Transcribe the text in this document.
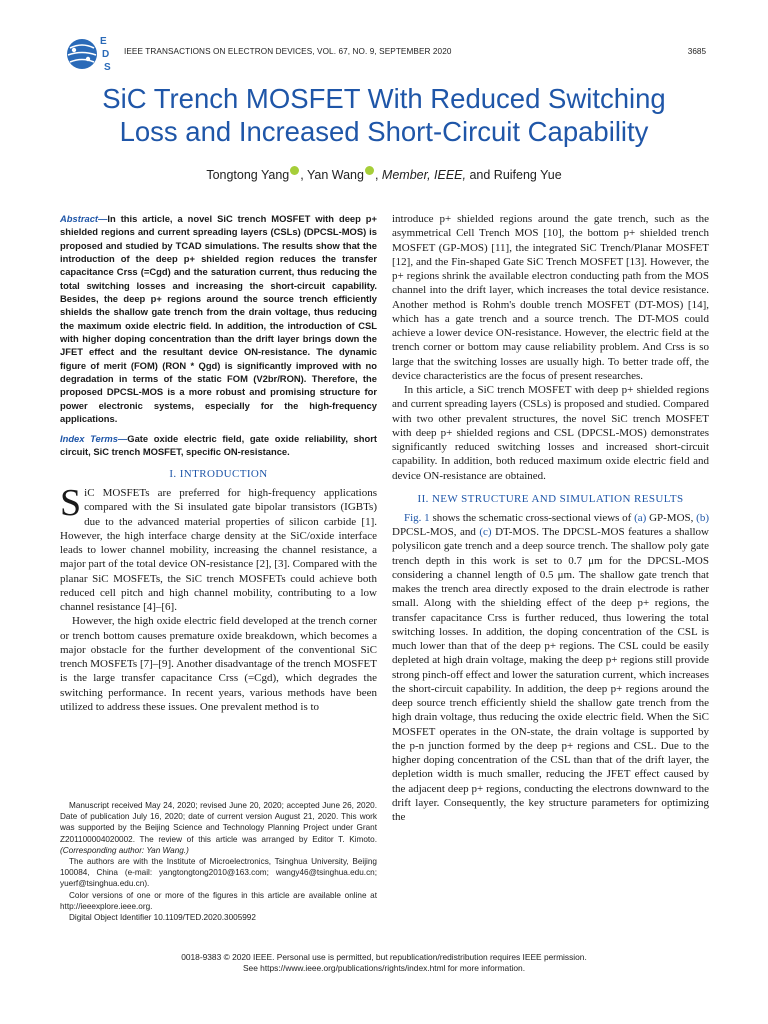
E
D
S
IEEE TRANSACTIONS ON ELECTRON DEVICES, VOL. 67, NO. 9, SEPTEMBER 2020	3685
SiC Trench MOSFET With Reduced Switching
Loss and Increased Short-Circuit Capability
Tongtong Yang , Yan Wang , Member, IEEE, and Ruifeng Yue
Abstract—In this article, a novel SiC trench MOSFET with deep p+ shielded regions and current spreading layers (CSLs) (DPCSL-MOS) is proposed and studied by TCAD simulations. The results show that the introduction of the deep p+ shielded region reduces the transfer capacitance Crss (=Cgd) and the saturation current, thus reducing the total switching losses and increasing the short-circuit capability. Besides, the deep p+ regions around the source trench efficiently shields the shallow gate trench from the drain voltage, thus reducing the maximum oxide electric field. In addition, the introduction of CSL with higher doping concentration than the drift layer brings down the JFET effect and the resultant device ON-resistance. The dynamic figure of merit (FOM) (RON * Qgd) is significantly improved with no degradation in terms of the static FOM (V2br/RON). Therefore, the proposed DPCSL-MOS is a more robust and promising structure for power electronic systems, especially for the high-frequency applications.
Index Terms—Gate oxide electric field, gate oxide reliability, short circuit, SiC trench MOSFET, specific ON-resistance.
I. INTRODUCTION

SiC MOSFETs are preferred for high-frequency applications compared with the Si insulated gate bipolar transistors (IGBTs) due to the advanced material properties of silicon carbide [1]. However, the high interface charge density at the SiC/oxide interface leads to lower channel mobility, increasing the channel resistance, a major part of the total device ON-resistance [2], [3]. Compared with the planar SiC MOSFETs, the SiC trench MOSFETs could achieve both reduced cell pitch and high channel mobility, contributing to a low channel resistance [4]–[6].

However, the high oxide electric field developed at the trench corner or trench bottom causes premature oxide breakdown, which becomes a major obstacle for the further development of the conventional SiC trench MOSFETs [7]–[9]. Another disadvantage of the trench MOSFET is the large transfer capacitance Crss (=Cgd), which degrades the switching performance. In recent years, various methods have been utilized to address these issues. One prevalent method is to

Manuscript received May 24, 2020; revised June 20, 2020; accepted June 26, 2020. Date of publication July 16, 2020; date of current version August 21, 2020. This work was supported by the Beijing Science and Technology Planning Project under Grant Z201100004020002. The review of this article was arranged by Editor T. Kimoto. (Corresponding author: Yan Wang.)

The authors are with the Institute of Microelectronics, Tsinghua University, Beijing 100084, China (e-mail: yangtongtong2010@163.com; wangy46@tsinghua.edu.cn; yuerf@tsinghua.edu.cn).

Color versions of one or more of the figures in this article are available online at http://ieeexplore.ieee.org.

Digital Object Identifier 10.1109/TED.2020.3005992

introduce p+ shielded regions around the gate trench, such as the asymmetrical Cell Trench MOS [10], the bottom p+ shielded trench MOSFET (GP-MOS) [11], the integrated SiC Trench/Planar MOSFET [12], and the Fin-shaped Gate SiC Trench MOSFET [13]. However, the p+ regions shrink the available electron conducting path from the MOS channel into the drift layer, which increases the total device resistance. Another method is Rohm's double trench MOSFET (DT-MOS) [14], which has a gate trench and a source trench. The DT-MOS could achieve a lower device ON-resistance. However, the electric field at the trench corner or bottom may cause reliability problem. And Crss is so large that the switching losses are usually high. To better trade off, the device characteristics are the focus of present researches.

In this article, a SiC trench MOSFET with deep p+ shielded regions and current spreading layers (CSLs) is proposed and studied. Compared with two other prevalent structures, the novel SiC trench MOSFET with deep p+ shielded regions and CSL (DPCSL-MOS) demonstrates significantly reduced switching losses and increased short-circuit capability. In addition, both reduced maximum oxide electric field and device ON-resistance are obtained.

II. NEW STRUCTURE AND SIMULATION RESULTS

Fig. 1 shows the schematic cross-sectional views of (a) GP-MOS, (b) DPCSL-MOS, and (c) DT-MOS. The DPCSL-MOS features a shallow polysilicon gate trench and a deep source trench. The shallow poly gate trench depth in this work is set to 0.7 μm for the DPCSL-MOS considering a channel length of 0.5 μm. The shallow gate trench that makes the trench area directly exposed to the drain electrode is rather small. Along with the shielding effect of the deep p+ regions, the transfer capacitance Crss is further reduced, thus lowering the total switching losses. In addition, the doping concentration of the CSL is much lower than that of the deep p+ regions. The CSL could be easily depleted at high drain voltage, making the deep p+ regions still provide strong pinch-off effect and lower the saturation current, which increases the short-circuit capability. In addition, the deep p+ regions around the deep source trench efficiently shield the shallow gate trench from the high drain voltage, thus reducing the oxide electric field. When the SiC MOSFET operates in the ON-state, the drain voltage is supported by the p-n junction formed by the deep p+ regions and CSL. Due to the higher doping concentration of the CSL than that of the drift layer, the depletion width is much smaller, reducing the JFET effect caused by the adjacent deep p+ regions, conducting the electrons downward to the drift layer. Consequently, the key structure parameters for optimizing the

0018-9383 © 2020 IEEE. Personal use is permitted, but republication/redistribution requires IEEE permission.
See https://www.ieee.org/publications/rights/index.html for more information.
